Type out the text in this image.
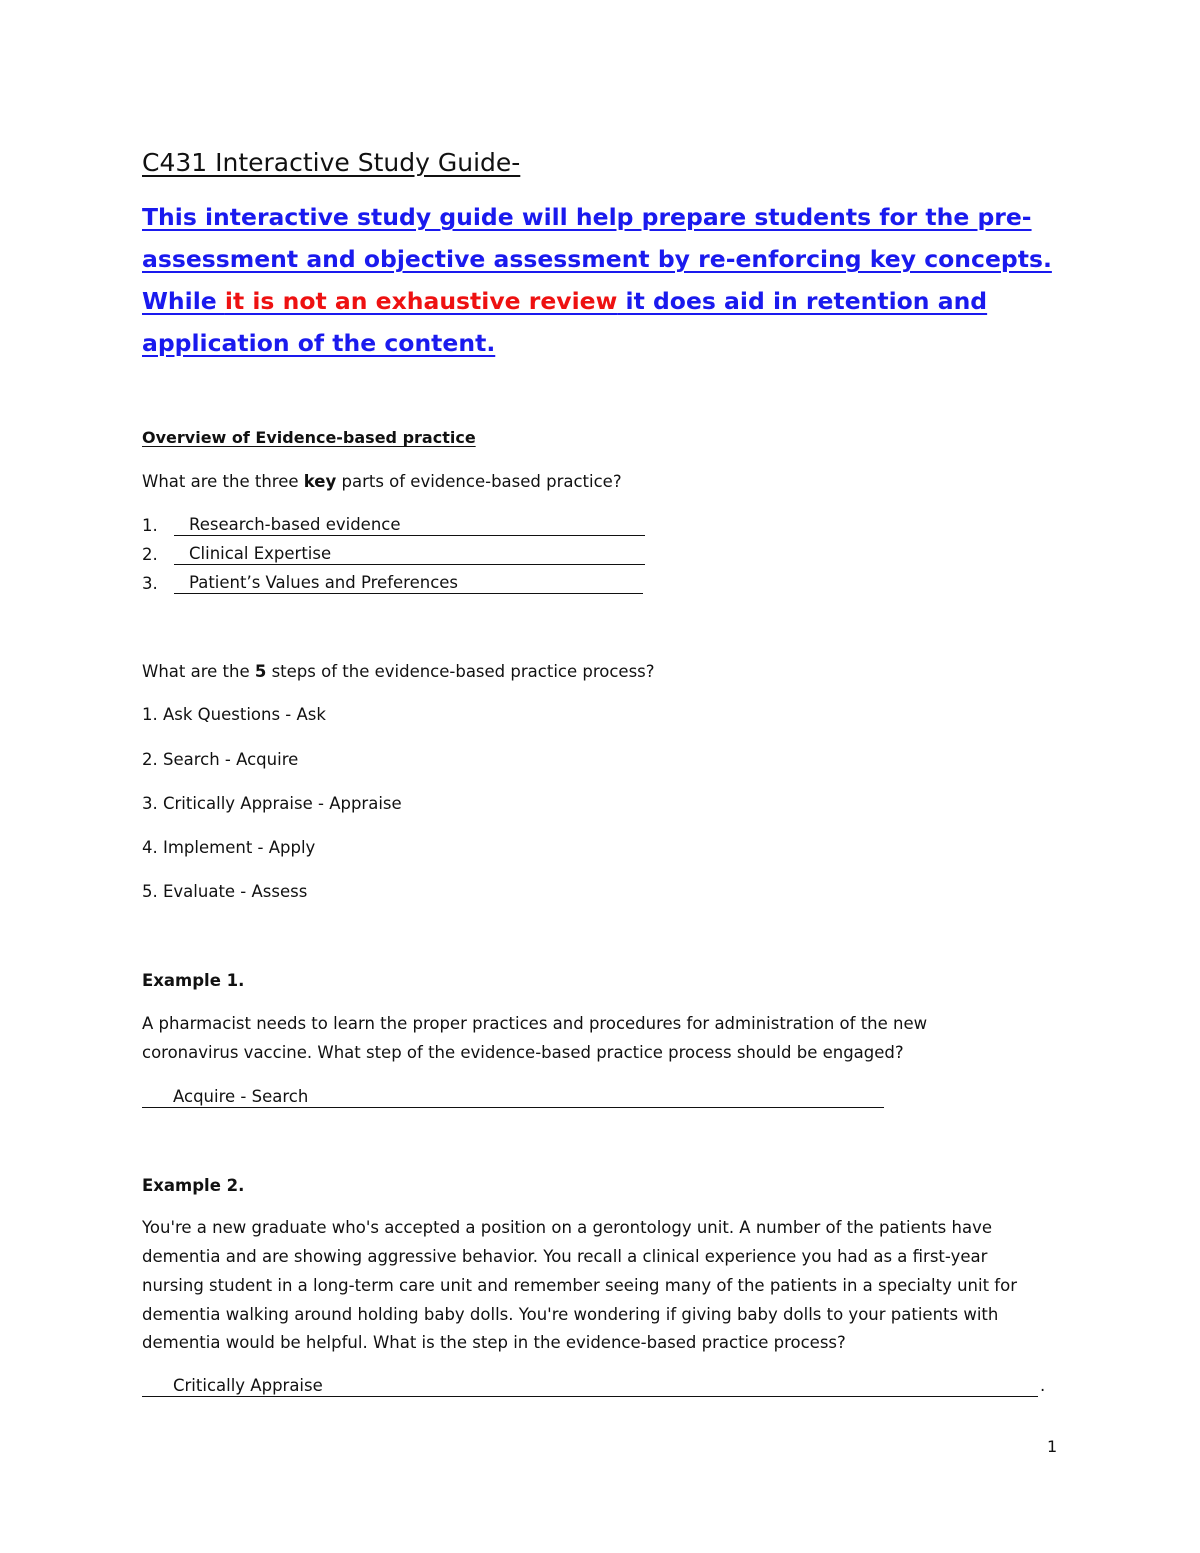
C431 Interactive Study Guide-
This interactive study guide will help prepare students for the pre-
assessment and objective assessment by re-enforcing key concepts.
While it is not an exhaustive review it does aid in retention and
application of the content.
Overview of Evidence-based practice
What are the three key parts of evidence-based practice?
1.	Research-based evidence
2.	Clinical Expertise
3.	Patient’s Values and Preferences
What are the 5 steps of the evidence-based practice process?
1. Ask Questions - Ask
2. Search - Acquire
3. Critically Appraise - Appraise
4. Implement - Apply
5. Evaluate - Assess
Example 1.
A pharmacist needs to learn the proper practices and procedures for administration of the new
coronavirus vaccine. What step of the evidence-based practice process should be engaged?
Acquire - Search
Example 2.
You're a new graduate who's accepted a position on a gerontology unit. A number of the patients have
dementia and are showing aggressive behavior. You recall a clinical experience you had as a first-year
nursing student in a long-term care unit and remember seeing many of the patients in a specialty unit for
dementia walking around holding baby dolls. You're wondering if giving baby dolls to your patients with
dementia would be helpful. What is the step in the evidence-based practice process?
Critically Appraise	.
1
